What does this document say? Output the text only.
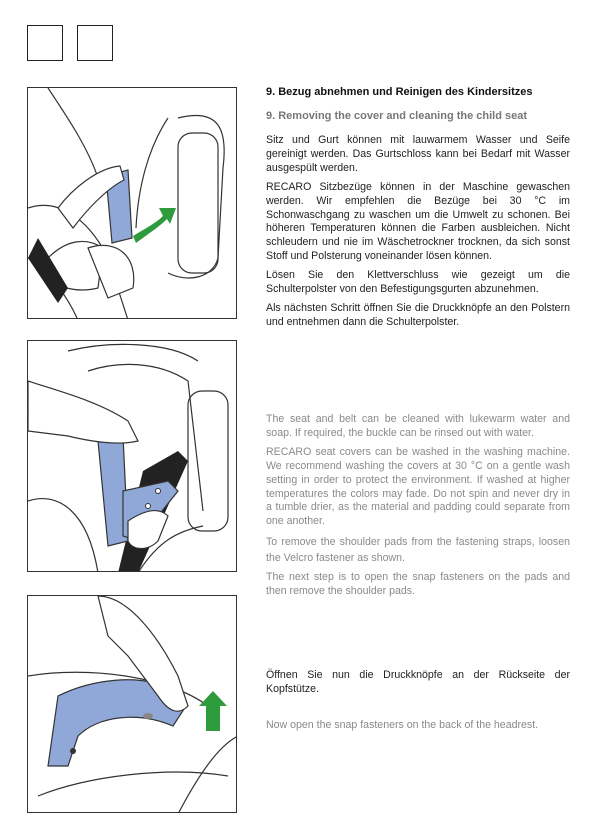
9. Bezug abnehmen und Reinigen des Kindersitzes

9. Removing the cover and cleaning the child seat

Sitz und Gurt können mit lauwarmem Wasser und Seife gereinigt werden. Das Gurtschloss kann bei Bedarf mit Wasser ausgespült werden.

RECARO Sitzbezüge können in der Maschine gewaschen werden. Wir empfehlen die Bezüge bei 30 °C im Schonwaschgang zu waschen um die Umwelt zu schonen. Bei höheren Temperaturen können die Farben ausbleichen. Nicht schleudern und nie im Wäschetrockner trocknen, da sich sonst Stoff und Polsterung voneinander lösen können.

Lösen Sie den Klettverschluss wie gezeigt um die Schulterpolster von den Befestigungsgurten abzunehmen.

Als nächsten Schritt öffnen Sie die Druckknöpfe an den Polstern und entnehmen dann die Schulterpolster.

The seat and belt can be cleaned with lukewarm water and soap. If required, the buckle can be rinsed out with water.

RECARO seat covers can be washed in the washing machine. We recommend washing the covers at 30 °C on a gentle wash setting in order to protect the environment. If washed at higher temperatures the colors may fade. Do not spin and never dry in a tumble drier, as the material and padding could separate from one another.

To remove the shoulder pads from the fastening straps, loosen the Velcro fastener as shown.

The next step is to open the snap fasteners on the pads and then remove the shoulder pads.

Öffnen Sie nun die Druckknöpfe an der Rückseite der Kopfstütze.

Now open the snap fasteners on the back of the headrest.
